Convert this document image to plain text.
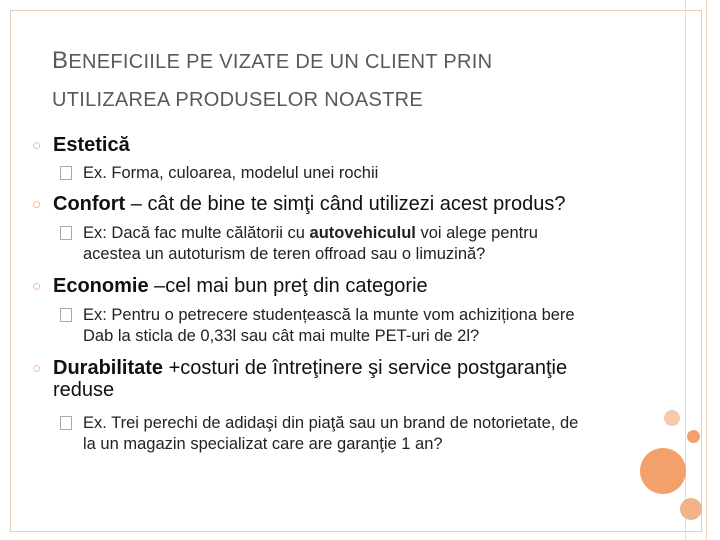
BENEFICIILE PE VIZATE DE UN CLIENT PRIN
UTILIZAREA PRODUSELOR NOASTRE
○ Estetică
Ex. Forma, culoarea, modelul unei rochii
○ Confort – cât de bine te simţi când utilizezi acest produs?
Ex: Dacă fac multe călătorii cu autovehiculul voi alege pentru
acestea un autoturism de teren offroad sau o limuzină?
○ Economie –cel mai bun preţ din categorie
Ex: Pentru o petrecere studențească la munte vom achiziționa bere
Dab la sticla de 0,33l sau cât mai multe PET-uri de 2l?
○ Durabilitate +costuri de întreţinere şi service postgaranţie
reduse
Ex. Trei perechi de adidaşi din piaţă sau un brand de notorietate, de
la un magazin specializat care are garanţie 1 an?
